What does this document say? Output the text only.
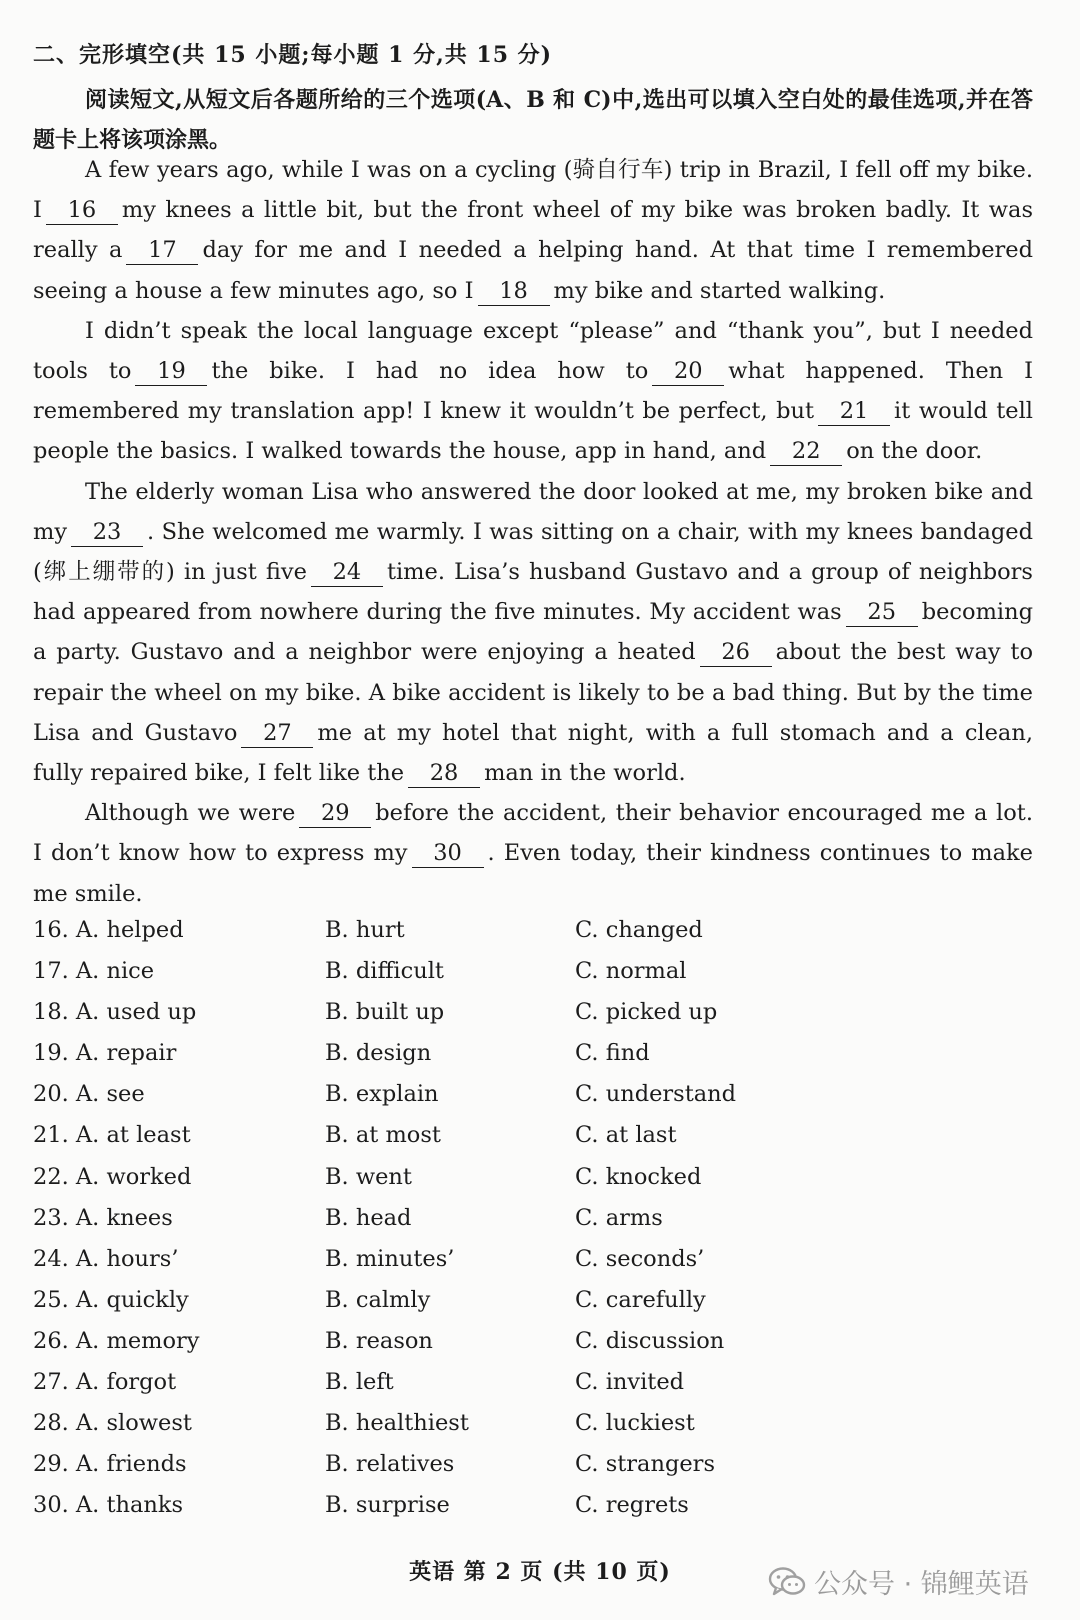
二、完形填空(共 15 小题;每小题 1 分,共 15 分)
阅读短文,从短文后各题所给的三个选项(A、B 和 C)中,选出可以填入空白处的最佳选项,并在答题卡上将该项涂黑。

A few years ago, while I was on a cycling (骑自行车) trip in Brazil, I fell off my bike. I 16 my knees a little bit, but the front wheel of my bike was broken badly. It was really a 17 day for me and I needed a helping hand. At that time I remembered seeing a house a few minutes ago, so I 18 my bike and started walking.

I didn’t speak the local language except “please” and “thank you”, but I needed tools to 19 the bike. I had no idea how to 20 what happened. Then I remembered my translation app! I knew it wouldn’t be perfect, but 21 it would tell people the basics. I walked towards the house, app in hand, and 22 on the door.

The elderly woman Lisa who answered the door looked at me, my broken bike and my 23 . She welcomed me warmly. I was sitting on a chair, with my knees bandaged (绑上绷带的) in just five 24 time. Lisa’s husband Gustavo and a group of neighbors had appeared from nowhere during the five minutes. My accident was 25 becoming a party. Gustavo and a neighbor were enjoying a heated 26 about the best way to repair the wheel on my bike. A bike accident is likely to be a bad thing. But by the time Lisa and Gustavo 27 me at my hotel that night, with a full stomach and a clean, fully repaired bike, I felt like the 28 man in the world.

Although we were 29 before the accident, their behavior encouraged me a lot. I don’t know how to express my 30 . Even today, their kindness continues to make me smile.

16. A. helped	B. hurt	C. changed
17. A. nice	B. difficult	C. normal
18. A. used up	B. built up	C. picked up
19. A. repair	B. design	C. find
20. A. see	B. explain	C. understand
21. A. at least	B. at most	C. at last
22. A. worked	B. went	C. knocked
23. A. knees	B. head	C. arms
24. A. hours’	B. minutes’	C. seconds’
25. A. quickly	B. calmly	C. carefully
26. A. memory	B. reason	C. discussion
27. A. forgot	B. left	C. invited
28. A. slowest	B. healthiest	C. luckiest
29. A. friends	B. relatives	C. strangers
30. A. thanks	B. surprise	C. regrets
英语 第 2 页 (共 10 页)	公众号 · 锦鲤英语
